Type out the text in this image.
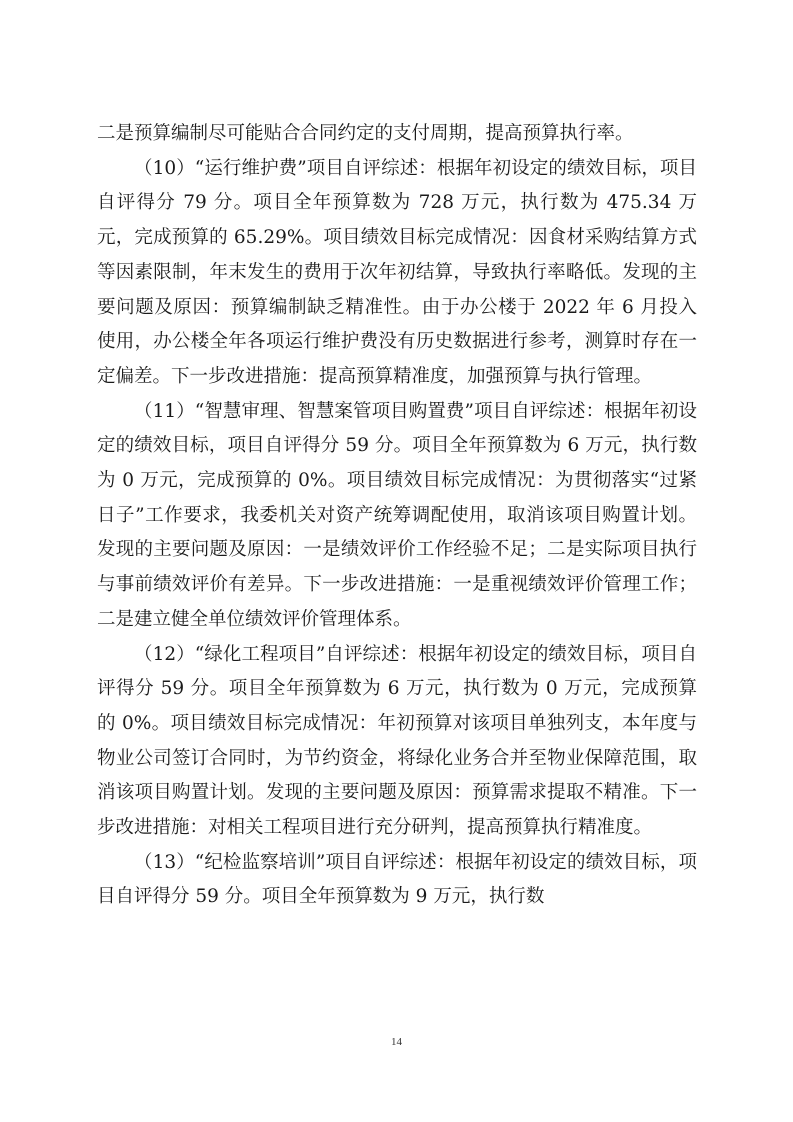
二是预算编制尽可能贴合合同约定的支付周期，提高预算执行率。

（10）“运行维护费”项目自评综述：根据年初设定的绩效目标，项目自评得分 79 分。项目全年预算数为 728 万元，执行数为 475.34 万元，完成预算的 65.29%。项目绩效目标完成情况：因食材采购结算方式等因素限制，年末发生的费用于次年初结算，导致执行率略低。发现的主要问题及原因：预算编制缺乏精准性。由于办公楼于 2022 年 6 月投入使用，办公楼全年各项运行维护费没有历史数据进行参考，测算时存在一定偏差。下一步改进措施：提高预算精准度，加强预算与执行管理。

（11）“智慧审理、智慧案管项目购置费”项目自评综述：根据年初设定的绩效目标，项目自评得分 59 分。项目全年预算数为 6 万元，执行数为 0 万元，完成预算的 0%。项目绩效目标完成情况：为贯彻落实“过紧日子”工作要求，我委机关对资产统筹调配使用，取消该项目购置计划。发现的主要问题及原因：一是绩效评价工作经验不足；二是实际项目执行与事前绩效评价有差异。下一步改进措施：一是重视绩效评价管理工作；二是建立健全单位绩效评价管理体系。

（12）“绿化工程项目”自评综述：根据年初设定的绩效目标，项目自评得分 59 分。项目全年预算数为 6 万元，执行数为 0 万元，完成预算的 0%。项目绩效目标完成情况：年初预算对该项目单独列支，本年度与物业公司签订合同时，为节约资金，将绿化业务合并至物业保障范围，取消该项目购置计划。发现的主要问题及原因：预算需求提取不精准。下一步改进措施：对相关工程项目进行充分研判，提高预算执行精准度。

（13）“纪检监察培训”项目自评综述：根据年初设定的绩效目标，项目自评得分 59 分。项目全年预算数为 9 万元，执行数

14
